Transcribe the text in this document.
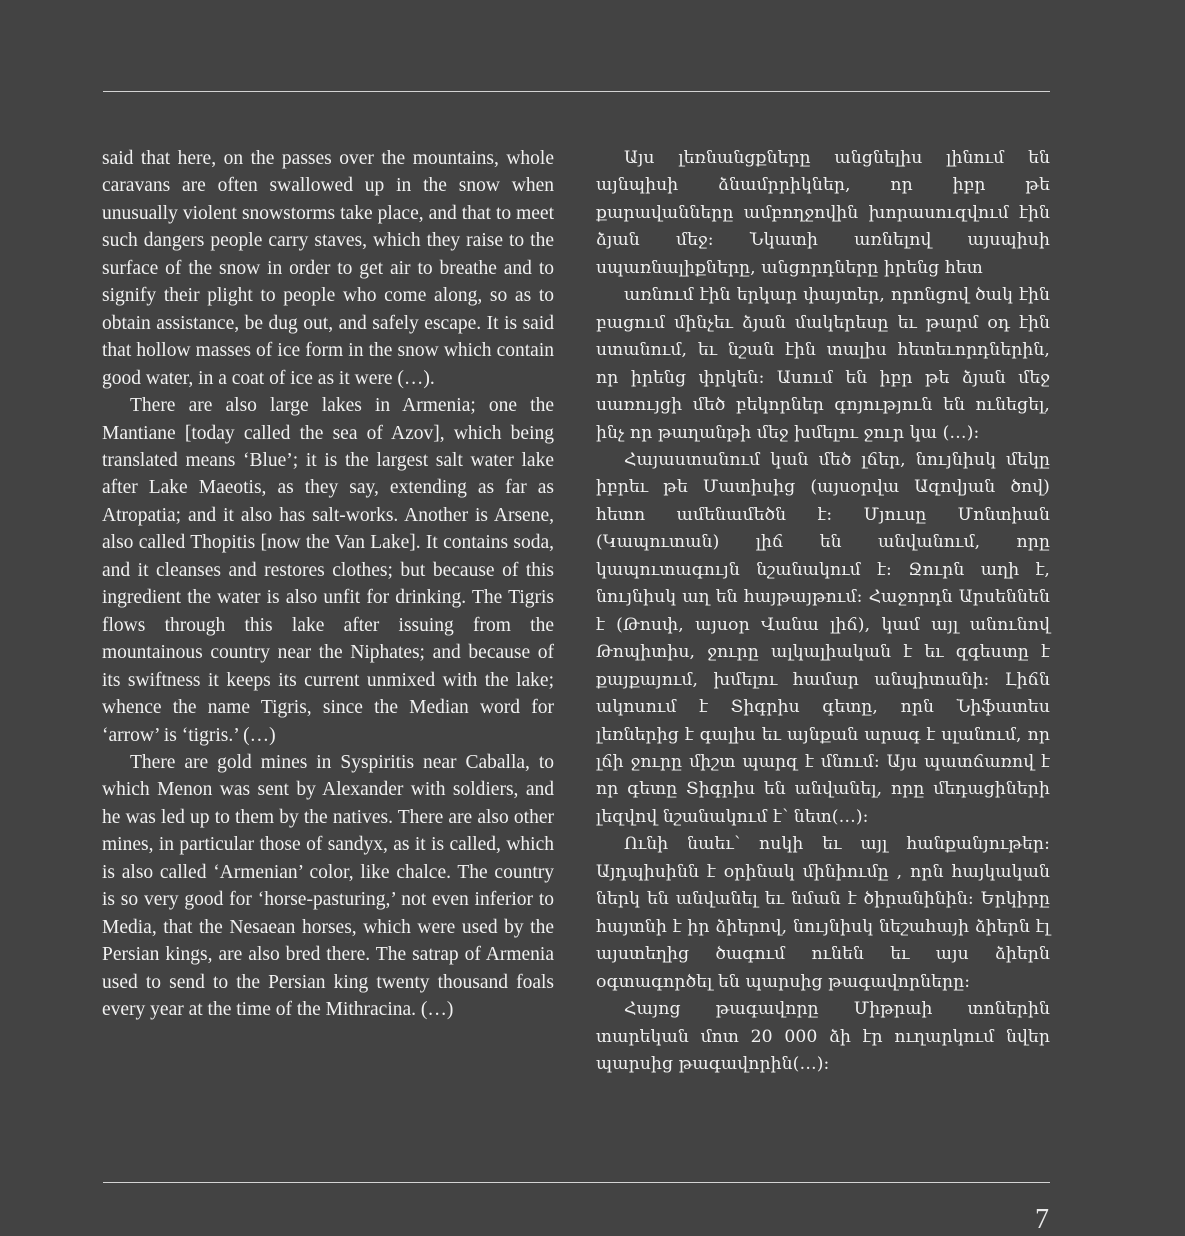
said that here, on the passes over the mountains, whole caravans are often swallowed up in the snow when unusually violent snowstorms take place, and that to meet such dangers people carry staves, which they raise to the surface of the snow in order to get air to breathe and to signify their plight to people who come along, so as to obtain assistance, be dug out, and safely escape. It is said that hollow masses of ice form in the snow which contain good water, in a coat of ice as it were (…).

There are also large lakes in Armenia; one the Mantiane [today called the sea of Azov], which being translated means ‘Blue’; it is the largest salt water lake after Lake Maeotis, as they say, extending as far as Atropatia; and it also has salt-works. Another is Arsene, also called Thopitis [now the Van Lake]. It contains soda, and it cleanses and restores clothes; but because of this ingredient the water is also unfit for drinking. The Tigris flows through this lake after issuing from the mountainous country near the Niphates; and because of its swiftness it keeps its current unmixed with the lake; whence the name Tigris, since the Median word for ‘arrow’ is ‘tigris.’ (…)

There are gold mines in Syspiritis near Caballa, to which Menon was sent by Alexander with soldiers, and he was led up to them by the natives. There are also other mines, in particular those of sandyx, as it is called, which is also called ‘Armenian’ color, like chalce. The country is so very good for ‘horse-pasturing,’ not even inferior to Media, that the Nesaean horses, which were used by the Persian kings, are also bred there. The satrap of Armenia used to send to the Persian king twenty thousand foals every year at the time of the Mithracina. (…)

Այս լեռնանցքները անցնելիս լինում են այնպիսի ձնամրրիկներ, որ իբր թե քարավանները ամբողջովին խորասուզվում էին ձյան մեջ: Նկատի առնելով այսպիսի սպառնալիքները, անցորդները իրենց հետ

առնում էին երկար փայտեր, որոնցով ծակ էին բացում մինչեւ ձյան մակերեսը եւ թարմ օդ էին ստանում, եւ նշան էին տալիս հետեւորդներին, որ իրենց փրկեն: Ասում են իբր թե ձյան մեջ սառույցի մեծ բեկորներ գոյություն են ունեցել, ինչ որ թաղանթի մեջ խմելու ջուր կա (…):

Հայաստանում կան մեծ լճեր, նույնիսկ մեկը իբրեւ թե Մատիսից (այսօրվա Ազովյան ծով) հետո ամենամեծն է: Մյուսը Մոնտիան (Կապուտան) լիճ են անվանում, որը կապուտագույն նշանակում է: Ջուրն աղի է, նույնիսկ աղ են հայթայթում: Հաջորդն Արսեննեն է (Թոսփ, այսօր Վանա լիճ), կամ այլ անունով Թոպիտիս, ջուրը ալկալիական է եւ զգեստը է քայքայում, խմելու համար անպիտանի: Լիճն ակոսում է Տիգրիս գետը, որն Նիֆատես լեռներից է գալիս եւ այնքան արագ է սլանում, որ լճի ջուրը միշտ պարզ է մնում: Այս պատճառով է որ գետը Տիգրիս են անվանել, որը մեդացիների լեզվով նշանակում է՝ նետ(…):

Ունի նաեւ՝ ոսկի եւ այլ հանքանյութեր: Այդպիսինն է օրինակ մինիումը , որն հայկական ներկ են անվանել եւ նման է ծիրանինին: Երկիրը հայտնի է իր ձիերով, նույնիսկ նեշահայի ձիերն էլ այստեղից ծագում ունեն եւ այս ձիերն օգտագործել են պարսից թագավորները:

Հայոց թագավորը Միթրաի տոներին տարեկան մոտ 20 000 ձի էր ուղարկում նվեր պարսից թագավորին(…):

7
